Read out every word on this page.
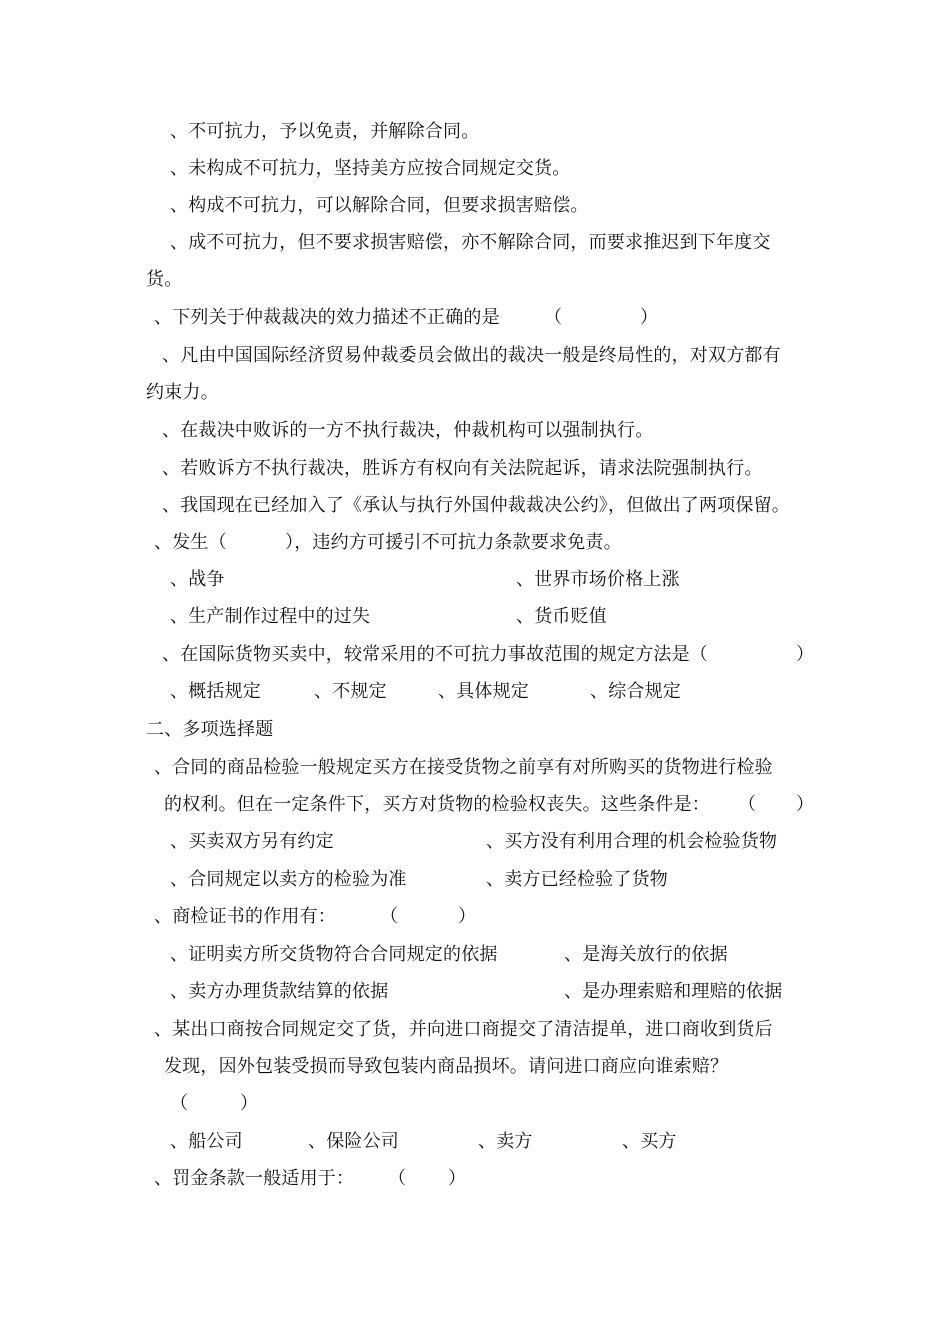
、不可抗力，予以免责，并解除合同。
、未构成不可抗力，坚持美方应按合同规定交货。
、构成不可抗力，可以解除合同，但要求损害赔偿。
、成不可抗力，但不要求损害赔偿，亦不解除合同，而要求推迟到下年度交
货。
、下列关于仲裁裁决的效力描述不正确的是 （	）
、凡由中国国际经济贸易仲裁委员会做出的裁决一般是终局性的，对双方都有
约束力。
、在裁决中败诉的一方不执行裁决，仲裁机构可以强制执行。
、若败诉方不执行裁决，胜诉方有权向有关法院起诉，请求法院强制执行。
、我国现在已经加入了《承认与执行外国仲裁裁决公约》，但做出了两项保留。
、发生（	），违约方可援引不可抗力条款要求免责。
、战争	、世界市场价格上涨
、生产制作过程中的过失	、货币贬值
、在国际货物买卖中，较常采用的不可抗力事故范围的规定方法是（	）
、概括规定	、不规定	、具体规定	、综合规定
二、多项选择题
、合同的商品检验一般规定买方在接受货物之前享有对所购买的货物进行检验
的权利。但在一定条件下，买方对货物的检验权丧失。这些条件是： （ ）
、买卖双方另有约定	、买方没有利用合理的机会检验货物
、合同规定以卖方的检验为准	、卖方已经检验了货物
、商检证书的作用有： （	）
、证明卖方所交货物符合合同规定的依据	、是海关放行的依据
、卖方办理货款结算的依据	、是办理索赔和理赔的依据
、某出口商按合同规定交了货，并向进口商提交了清洁提单，进口商收到货后
发现，因外包装受损而导致包装内商品损坏。请问进口商应向谁索赔？
（	）
、船公司	、保险公司	、卖方	、买方
、罚金条款一般适用于： （ ）
